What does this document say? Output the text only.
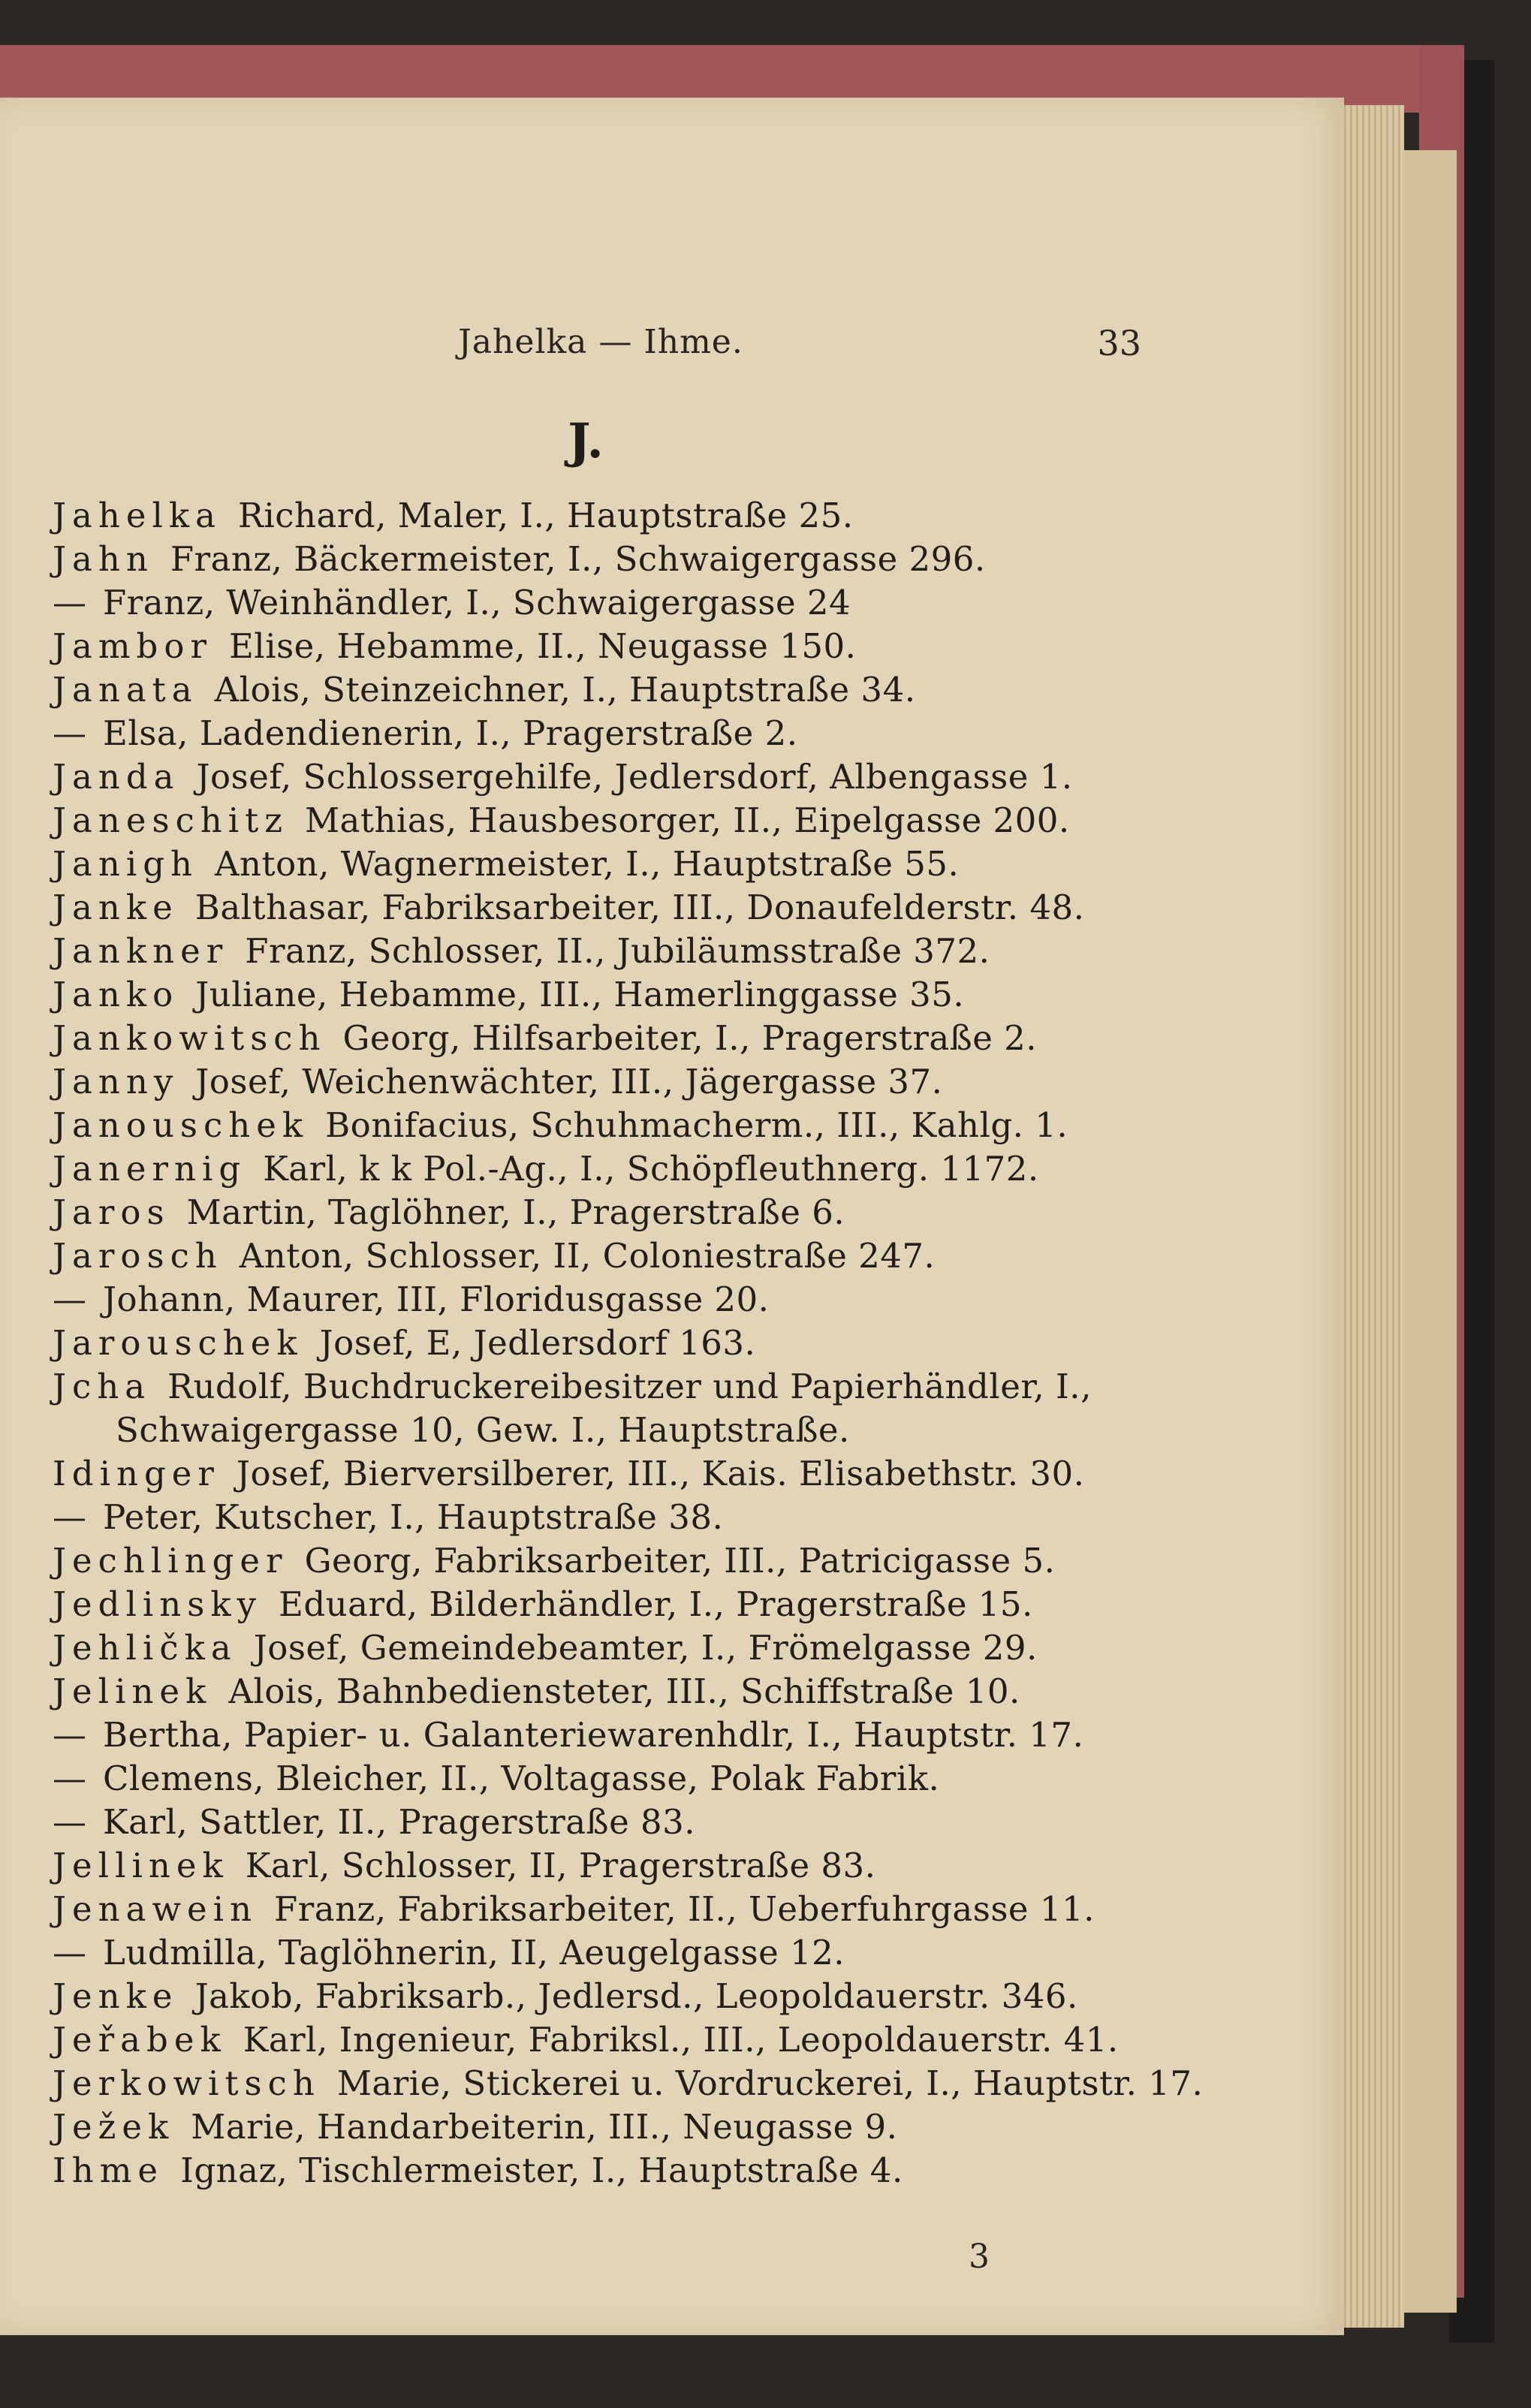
Jahelka — Ihme.	33
J.
Jahelka Richard, Maler, I., Hauptstraße 25.
Jahn Franz, Bäckermeister, I., Schwaigergasse 296.
— Franz, Weinhändler, I., Schwaigergasse 24
Jambor Elise, Hebamme, II., Neugasse 150.
Janata Alois, Steinzeichner, I., Hauptstraße 34.
— Elsa, Ladendienerin, I., Pragerstraße 2.
Janda Josef, Schlossergehilfe, Jedlersdorf, Albengasse 1.
Janeschitz Mathias, Hausbesorger, II., Eipelgasse 200.
Janigh Anton, Wagnermeister, I., Hauptstraße 55.
Janke Balthasar, Fabriksarbeiter, III., Donaufelderstr. 48.
Jankner Franz, Schlosser, II., Jubiläumsstraße 372.
Janko Juliane, Hebamme, III., Hamerlinggasse 35.
Jankowitsch Georg, Hilfsarbeiter, I., Pragerstraße 2.
Janny Josef, Weichenwächter, III., Jägergasse 37.
Janouschek Bonifacius, Schuhmacherm., III., Kahlg. 1.
Janernig Karl, k k Pol.-Ag., I., Schöpfleuthnerg. 1172.
Jaros Martin, Taglöhner, I., Pragerstraße 6.
Jarosch Anton, Schlosser, II, Coloniestraße 247.
— Johann, Maurer, III, Floridusgasse 20.
Jarouschek Josef, E, Jedlersdorf 163.
Jcha Rudolf, Buchdruckereibesitzer und Papierhändler, I.,
Schwaigergasse 10, Gew. I., Hauptstraße.
Idinger Josef, Bierversilberer, III., Kais. Elisabethstr. 30.
— Peter, Kutscher, I., Hauptstraße 38.
Jechlinger Georg, Fabriksarbeiter, III., Patricigasse 5.
Jedlinsky Eduard, Bilderhändler, I., Pragerstraße 15.
Jehlička Josef, Gemeindebeamter, I., Frömelgasse 29.
Jelinek Alois, Bahnbediensteter, III., Schiffstraße 10.
— Bertha, Papier- u. Galanteriewarenhdlr, I., Hauptstr. 17.
— Clemens, Bleicher, II., Voltagasse, Polak Fabrik.
— Karl, Sattler, II., Pragerstraße 83.
Jellinek Karl, Schlosser, II, Pragerstraße 83.
Jenawein Franz, Fabriksarbeiter, II., Ueberfuhrgasse 11.
— Ludmilla, Taglöhnerin, II, Aeugelgasse 12.
Jenke Jakob, Fabriksarb., Jedlersd., Leopoldauerstr. 346.
Jeřabek Karl, Ingenieur, Fabriksl., III., Leopoldauerstr. 41.
Jerkowitsch Marie, Stickerei u. Vordruckerei, I., Hauptstr. 17.
Ježek Marie, Handarbeiterin, III., Neugasse 9.
Ihme Ignaz, Tischlermeister, I., Hauptstraße 4.
3
